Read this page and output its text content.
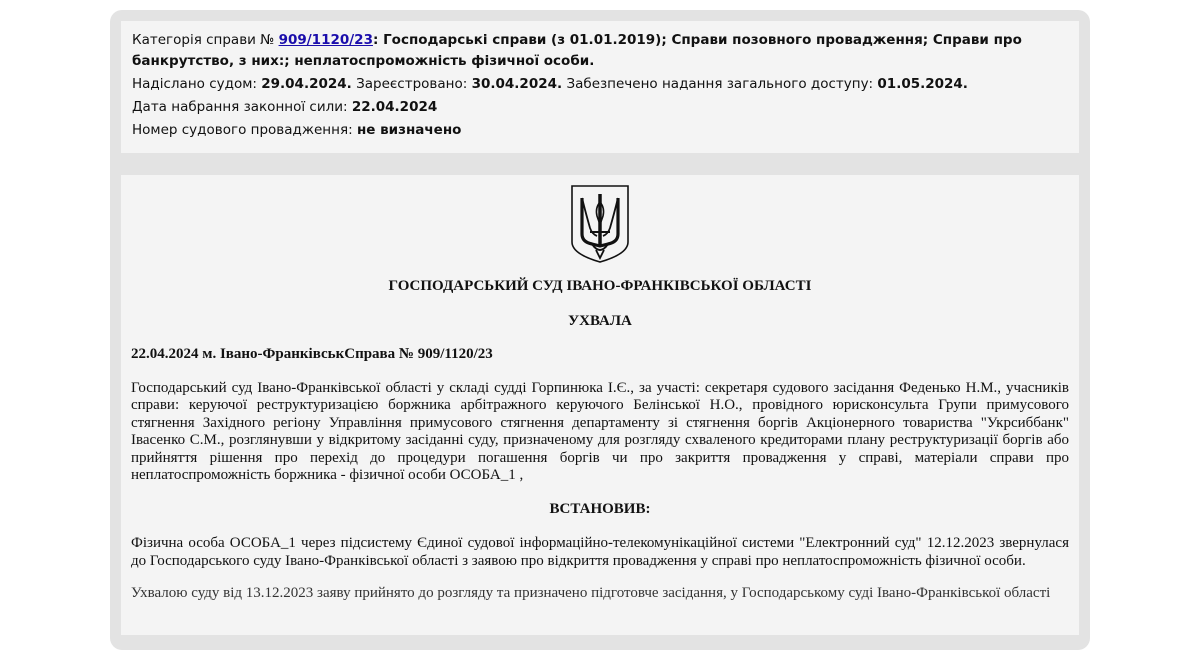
Категорія справи № 909/1120/23: Господарські справи (з 01.01.2019); Справи позовного провадження; Справи про банкрутство, з них:; неплатоспроможність фізичної особи.
Надіслано судом: 29.04.2024. Зареєстровано: 30.04.2024. Забезпечено надання загального доступу: 01.05.2024.
Дата набрання законної сили: 22.04.2024
Номер судового провадження: не визначено
ГОСПОДАРСЬКИЙ СУД ІВАНО-ФРАНКІВСЬКОЇ ОБЛАСТІ
УХВАЛА
22.04.2024 м. Івано-ФранківськСправа № 909/1120/23

Господарський суд Івано-Франківської області у складі судді Горпинюка І.Є., за участі: секретаря судового засідання Феденько Н.М., учасників справи: керуючої реструктуризацією боржника арбітражного керуючого Белінської Н.О., провідного юрисконсульта Групи примусового стягнення Західного регіону Управління примусового стягнення департаменту зі стягнення боргів Акціонерного товариства "Укрсиббанк" Івасенко С.М., розглянувши у відкритому засіданні суду, призначеному для розгляду схваленого кредиторами плану реструктуризації боргів або прийняття рішення про перехід до процедури погашення боргів чи про закриття провадження у справі, матеріали справи про неплатоспроможність боржника - фізичної особи ОСОБА_1 ,

ВСТАНОВИВ:

Фізична особа ОСОБА_1 через підсистему Єдиної судової інформаційно-телекомунікаційної системи "Електронний суд" 12.12.2023 звернулася до Господарського суду Івано-Франківської області з заявою про відкриття провадження у справі про неплатоспроможність фізичної особи.

Ухвалою суду від 13.12.2023 заяву прийнято до розгляду та призначено підготовче засідання, у Господарському суді Івано-Франківської області
